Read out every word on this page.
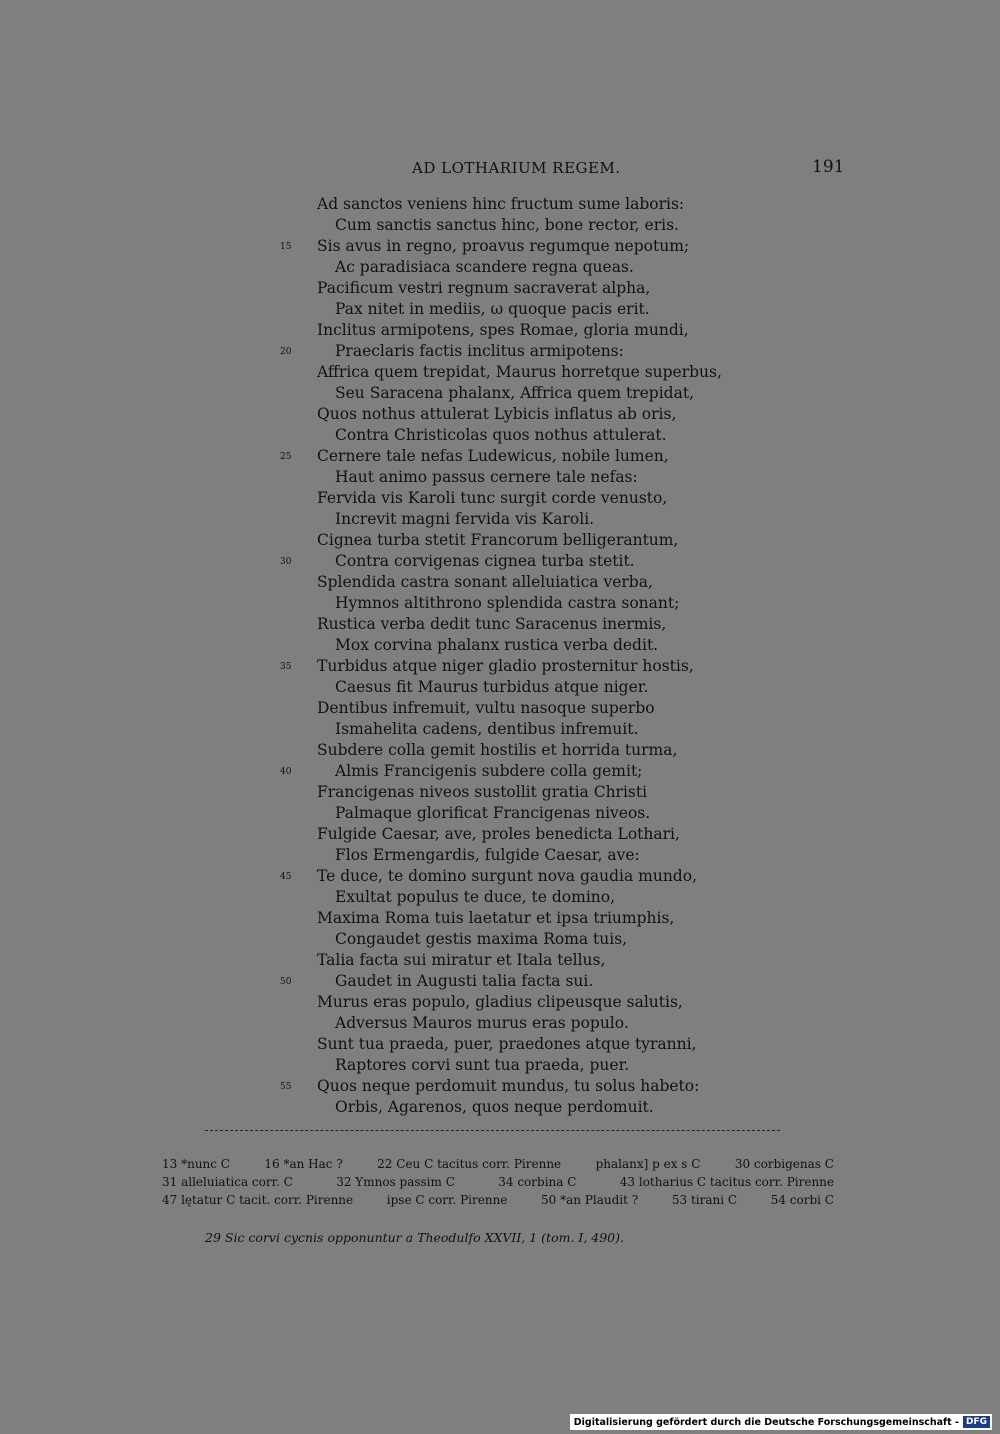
AD LOTHARIUM REGEM.	191
Ad sanctos veniens hinc fructum sume laboris:
Cum sanctis sanctus hinc, bone rector, eris.
Sis avus in regno, proavus regumque nepotum;
15
Ac paradisiaca scandere regna queas.
Pacificum vestri regnum sacraverat alpha,
Pax nitet in mediis, ω quoque pacis erit.
Inclitus armipotens, spes Romae, gloria mundi,
Praeclaris factis inclitus armipotens:
20
Affrica quem trepidat, Maurus horretque superbus,
Seu Saracena phalanx, Affrica quem trepidat,
Quos nothus attulerat Lybicis inflatus ab oris,
Contra Christicolas quos nothus attulerat.
Cernere tale nefas Ludewicus, nobile lumen,
25
Haut animo passus cernere tale nefas:
Fervida vis Karoli tunc surgit corde venusto,
Increvit magni fervida vis Karoli.
Cignea turba stetit Francorum belligerantum,
Contra corvigenas cignea turba stetit.
30
Splendida castra sonant alleluiatica verba,
Hymnos altithrono splendida castra sonant;
Rustica verba dedit tunc Saracenus inermis,
Mox corvina phalanx rustica verba dedit.
Turbidus atque niger gladio prosternitur hostis,
35
Caesus fit Maurus turbidus atque niger.
Dentibus infremuit, vultu nasoque superbo
Ismahelita cadens, dentibus infremuit.
Subdere colla gemit hostilis et horrida turma,
Almis Francigenis subdere colla gemit;
40
Francigenas niveos sustollit gratia Christi
Palmaque glorificat Francigenas niveos.
Fulgide Caesar, ave, proles benedicta Lothari,
Flos Ermengardis, fulgide Caesar, ave:
Te duce, te domino surgunt nova gaudia mundo,
45
Exultat populus te duce, te domino,
Maxima Roma tuis laetatur et ipsa triumphis,
Congaudet gestis maxima Roma tuis,
Talia facta sui miratur et Itala tellus,
Gaudet in Augusti talia facta sui.
50
Murus eras populo, gladius clipeusque salutis,
Adversus Mauros murus eras populo.
Sunt tua praeda, puer, praedones atque tyranni,
Raptores corvi sunt tua praeda, puer.
Quos neque perdomuit mundus, tu solus habeto:
55
Orbis, Agarenos, quos neque perdomuit.
13 *nunc C	16 *an Hac ?	22 Ceu C tacitus corr. Pirenne	phalanx] p ex s C	30 corbigenas C
31 alleluiatica corr. C	32 Ymnos passim C	34 corbina C	43 lotharius C tacitus corr. Pirenne
47 lętatur C tacit. corr. Pirenne	ipse C corr. Pirenne	50 *an Plaudit ?	53 tirani C	54 corbi C
29 Sic corvi cycnis opponuntur a Theodulfo XXVII, 1 (tom. I, 490).
Digitalisierung gefördert durch die Deutsche Forschungsgemeinschaft - DFG
